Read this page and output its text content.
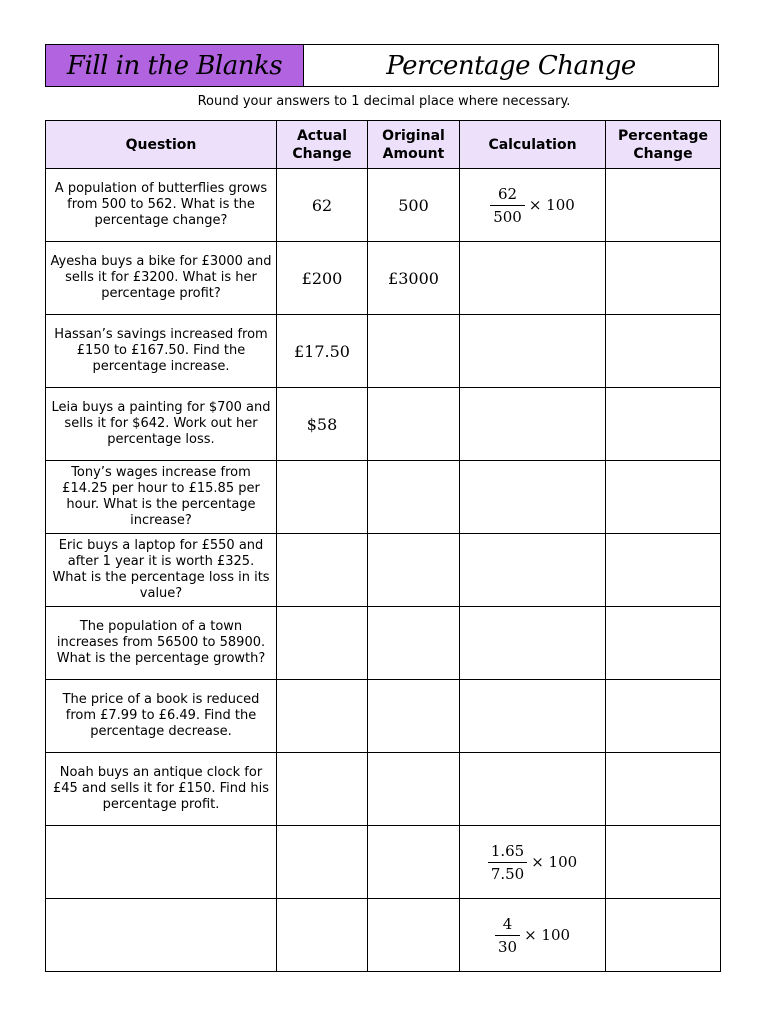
Fill in the Blanks	Percentage Change
Round your answers to 1 decimal place where necessary.
Question	Actual Change	Original Amount	Calculation	Percentage Change
A population of butterflies grows from 500 to 562. What is the percentage change?	62	500	$\frac{62}{500} \times 100$	
Ayesha buys a bike for £3000 and sells it for £3200. What is her percentage profit?	£200	£3000		
Hassan’s savings increased from £150 to £167.50. Find the percentage increase.	£17.50			
Leia buys a painting for $700 and sells it for $642. Work out her percentage loss.	$58			
Tony’s wages increase from £14.25 per hour to £15.85 per hour. What is the percentage increase?				
Eric buys a laptop for £550 and after 1 year it is worth £325. What is the percentage loss in its value?				
The population of a town increases from 56500 to 58900. What is the percentage growth?				
The price of a book is reduced from £7.99 to £6.49. Find the percentage decrease.				
Noah buys an antique clock for £45 and sells it for £150. Find his percentage profit.				

			$\frac{1.65}{7.50} \times 100$	

			$\frac{4}{30} \times 100$	
